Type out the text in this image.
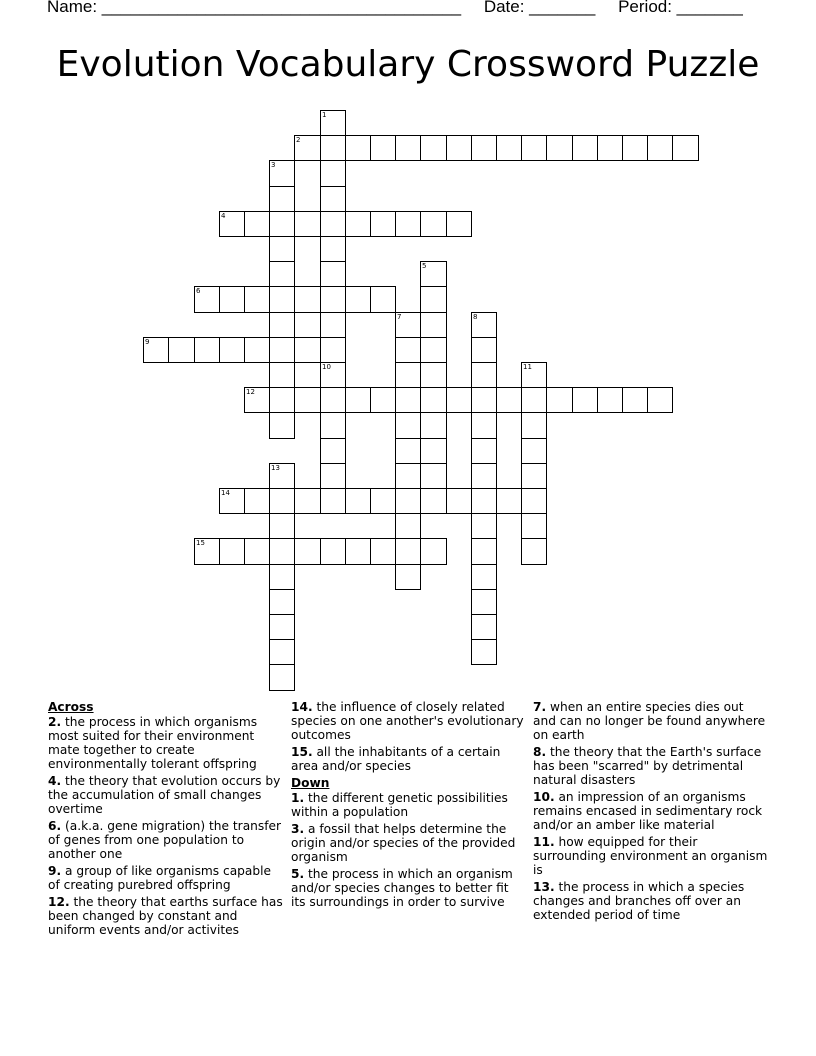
Name: ______________________________________ Date: _______ Period: _______
Evolution Vocabulary Crossword Puzzle
2
4
6
9
12
14
15
1
3
5
7	8
10	11
13
Across
2. the process in which organisms most suited for their environment mate together to create environmentally tolerant offspring
4. the theory that evolution occurs by the accumulation of small changes overtime
6. (a.k.a. gene migration) the transfer of genes from one population to another one
9. a group of like organisms capable of creating purebred offspring
12. the theory that earths surface has been changed by constant and uniform events and/or activites
14. the influence of closely related species on one another's evolutionary outcomes
15. all the inhabitants of a certain area and/or species
Down
1. the different genetic possibilities within a population
3. a fossil that helps determine the origin and/or species of the provided organism
5. the process in which an organism and/or species changes to better fit its surroundings in order to survive
7. when an entire species dies out and can no longer be found anywhere on earth
8. the theory that the Earth's surface has been "scarred" by detrimental natural disasters
10. an impression of an organisms remains encased in sedimentary rock and/or an amber like material
11. how equipped for their surrounding environment an organism is
13. the process in which a species changes and branches off over an extended period of time
